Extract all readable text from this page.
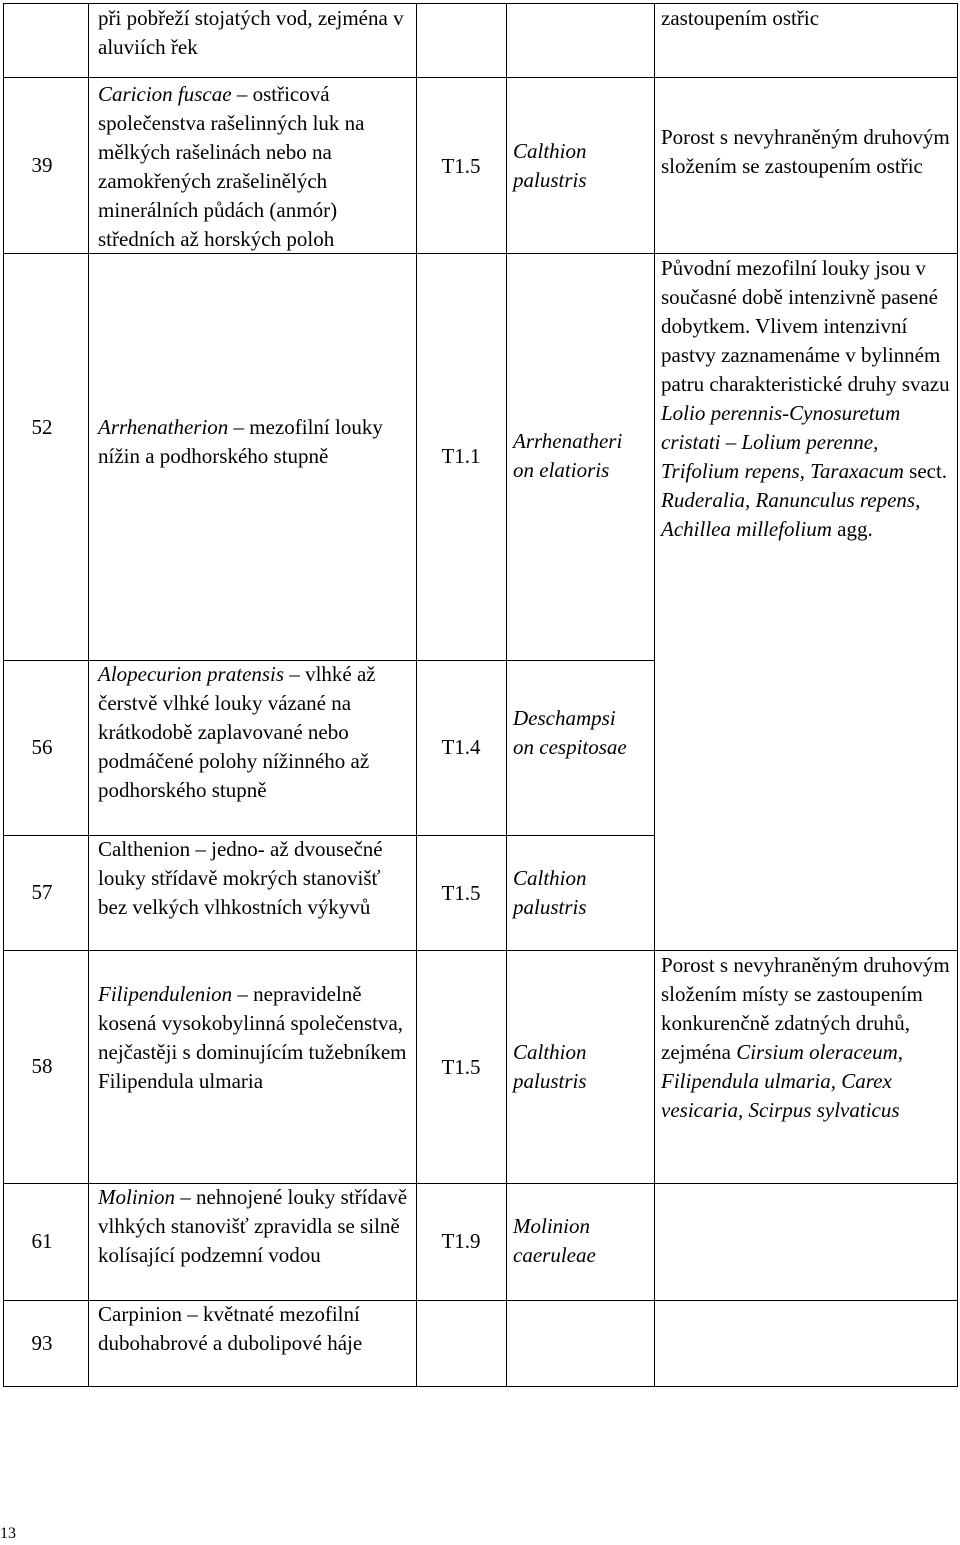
při pobřeží stojatých vod, zejména v aluviích řek
zastoupením ostřic
39
Caricion fuscae – ostřicová společenstva rašelinných luk na mělkých rašelinách nebo na zamokřených zrašelinělých minerálních půdách (anmór) středních až horských poloh
T1.5
Calthion palustris
Porost s nevyhraněným druhovým složením se zastoupením ostřic
52	Arrhenatherion – mezofilní louky nížin a podhorského stupně	T1.1
Arrhenatheri on elatioris
Původní mezofilní louky jsou v současné době intenzivně pasené dobytkem. Vlivem intenzivní pastvy zaznamenáme v bylinném patru charakteristické druhy svazu Lolio perennis-Cynosuretum cristati – Lolium perenne, Trifolium repens, Taraxacum sect. Ruderalia, Ranunculus repens, Achillea millefolium agg.
56
Alopecurion pratensis – vlhké až čerstvě vlhké louky vázané na krátkodobě zaplavované nebo podmáčené polohy nížinného až podhorského stupně
T1.4
Deschampsi on cespitosae
57
Calthenion – jedno- až dvousečné louky střídavě mokrých stanovišť bez velkých vlhkostních výkyvů
T1.5
Calthion palustris
58
Filipendulenion – nepravidelně kosená vysokobylinná společenstva, nejčastěji s dominujícím tužebníkem Filipendula ulmaria
T1.5
Calthion palustris
Porost s nevyhraněným druhovým složením místy se zastoupením konkurenčně zdatných druhů, zejména Cirsium oleraceum, Filipendula ulmaria, Carex vesicaria, Scirpus sylvaticus
61
Molinion – nehnojené louky střídavě vlhkých stanovišť zpravidla se silně kolísající podzemní vodou
T1.9
Molinion caeruleae
93
Carpinion – květnaté mezofilní dubohabrové a dubolipové háje
13
